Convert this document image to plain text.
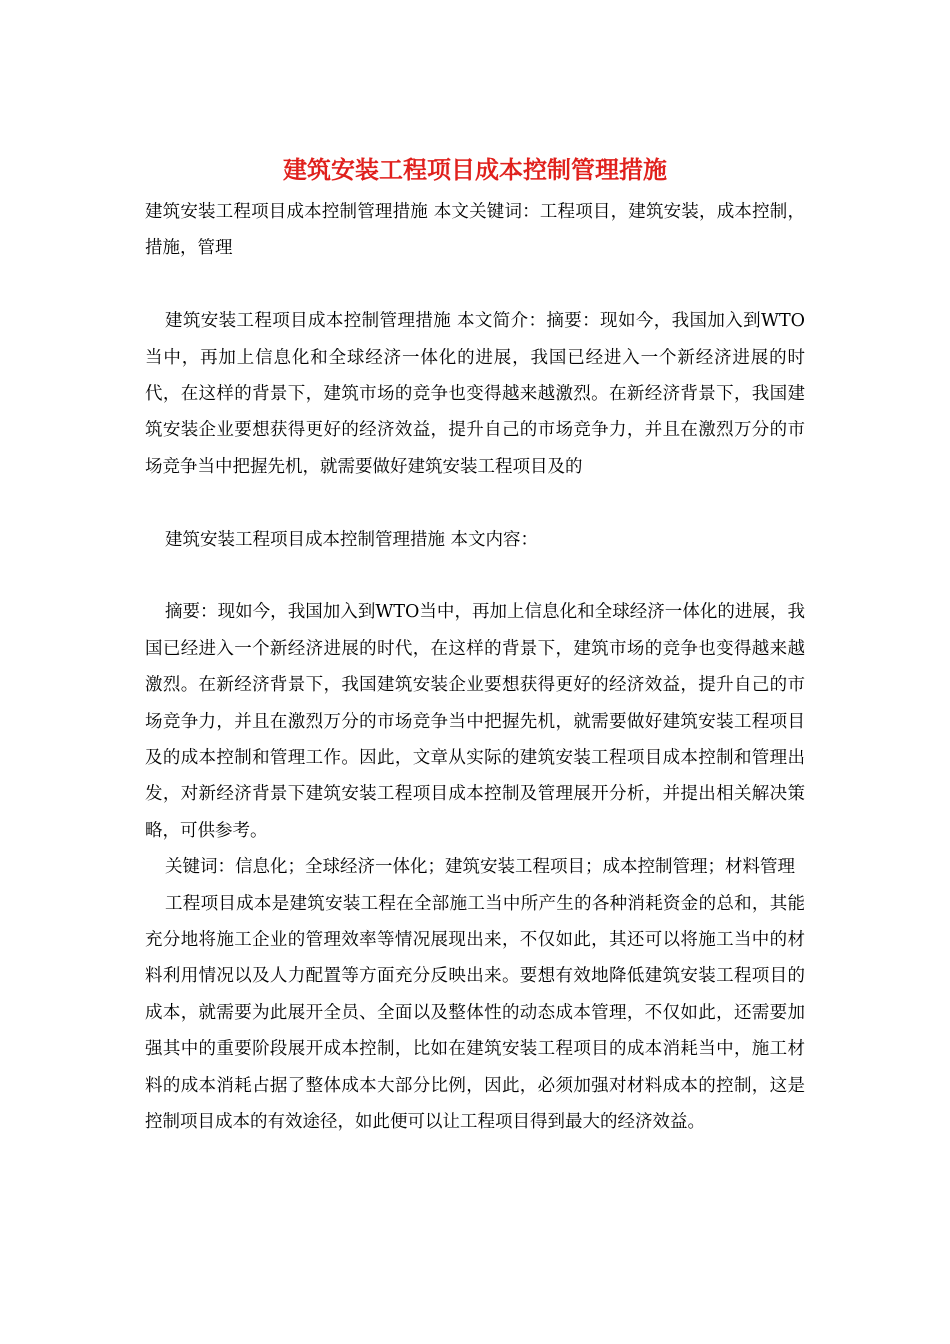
建筑安装工程项目成本控制管理措施

建筑安装工程项目成本控制管理措施 本文关键词：工程项目，建筑安装，成本控制，措施，管理

建筑安装工程项目成本控制管理措施 本文简介：摘要：现如今，我国加入到WTO当中，再加上信息化和全球经济一体化的进展，我国已经进入一个新经济进展的时代，在这样的背景下，建筑市场的竞争也变得越来越激烈。在新经济背景下，我国建筑安装企业要想获得更好的经济效益，提升自己的市场竞争力，并且在激烈万分的市场竞争当中把握先机，就需要做好建筑安装工程项目及的

建筑安装工程项目成本控制管理措施 本文内容：

摘要：现如今，我国加入到WTO当中，再加上信息化和全球经济一体化的进展，我国已经进入一个新经济进展的时代，在这样的背景下，建筑市场的竞争也变得越来越激烈。在新经济背景下，我国建筑安装企业要想获得更好的经济效益，提升自己的市场竞争力，并且在激烈万分的市场竞争当中把握先机，就需要做好建筑安装工程项目及的成本控制和管理工作。因此，文章从实际的建筑安装工程项目成本控制和管理出发，对新经济背景下建筑安装工程项目成本控制及管理展开分析，并提出相关解决策略，可供参考。

关键词：信息化；全球经济一体化；建筑安装工程项目；成本控制管理；材料管理

工程项目成本是建筑安装工程在全部施工当中所产生的各种消耗资金的总和，其能充分地将施工企业的管理效率等情况展现出来，不仅如此，其还可以将施工当中的材料利用情况以及人力配置等方面充分反映出来。要想有效地降低建筑安装工程项目的成本，就需要为此展开全员、全面以及整体性的动态成本管理，不仅如此，还需要加强其中的重要阶段展开成本控制，比如在建筑安装工程项目的成本消耗当中，施工材料的成本消耗占据了整体成本大部分比例，因此，必须加强对材料成本的控制，这是控制项目成本的有效途径，如此便可以让工程项目得到最大的经济效益。
